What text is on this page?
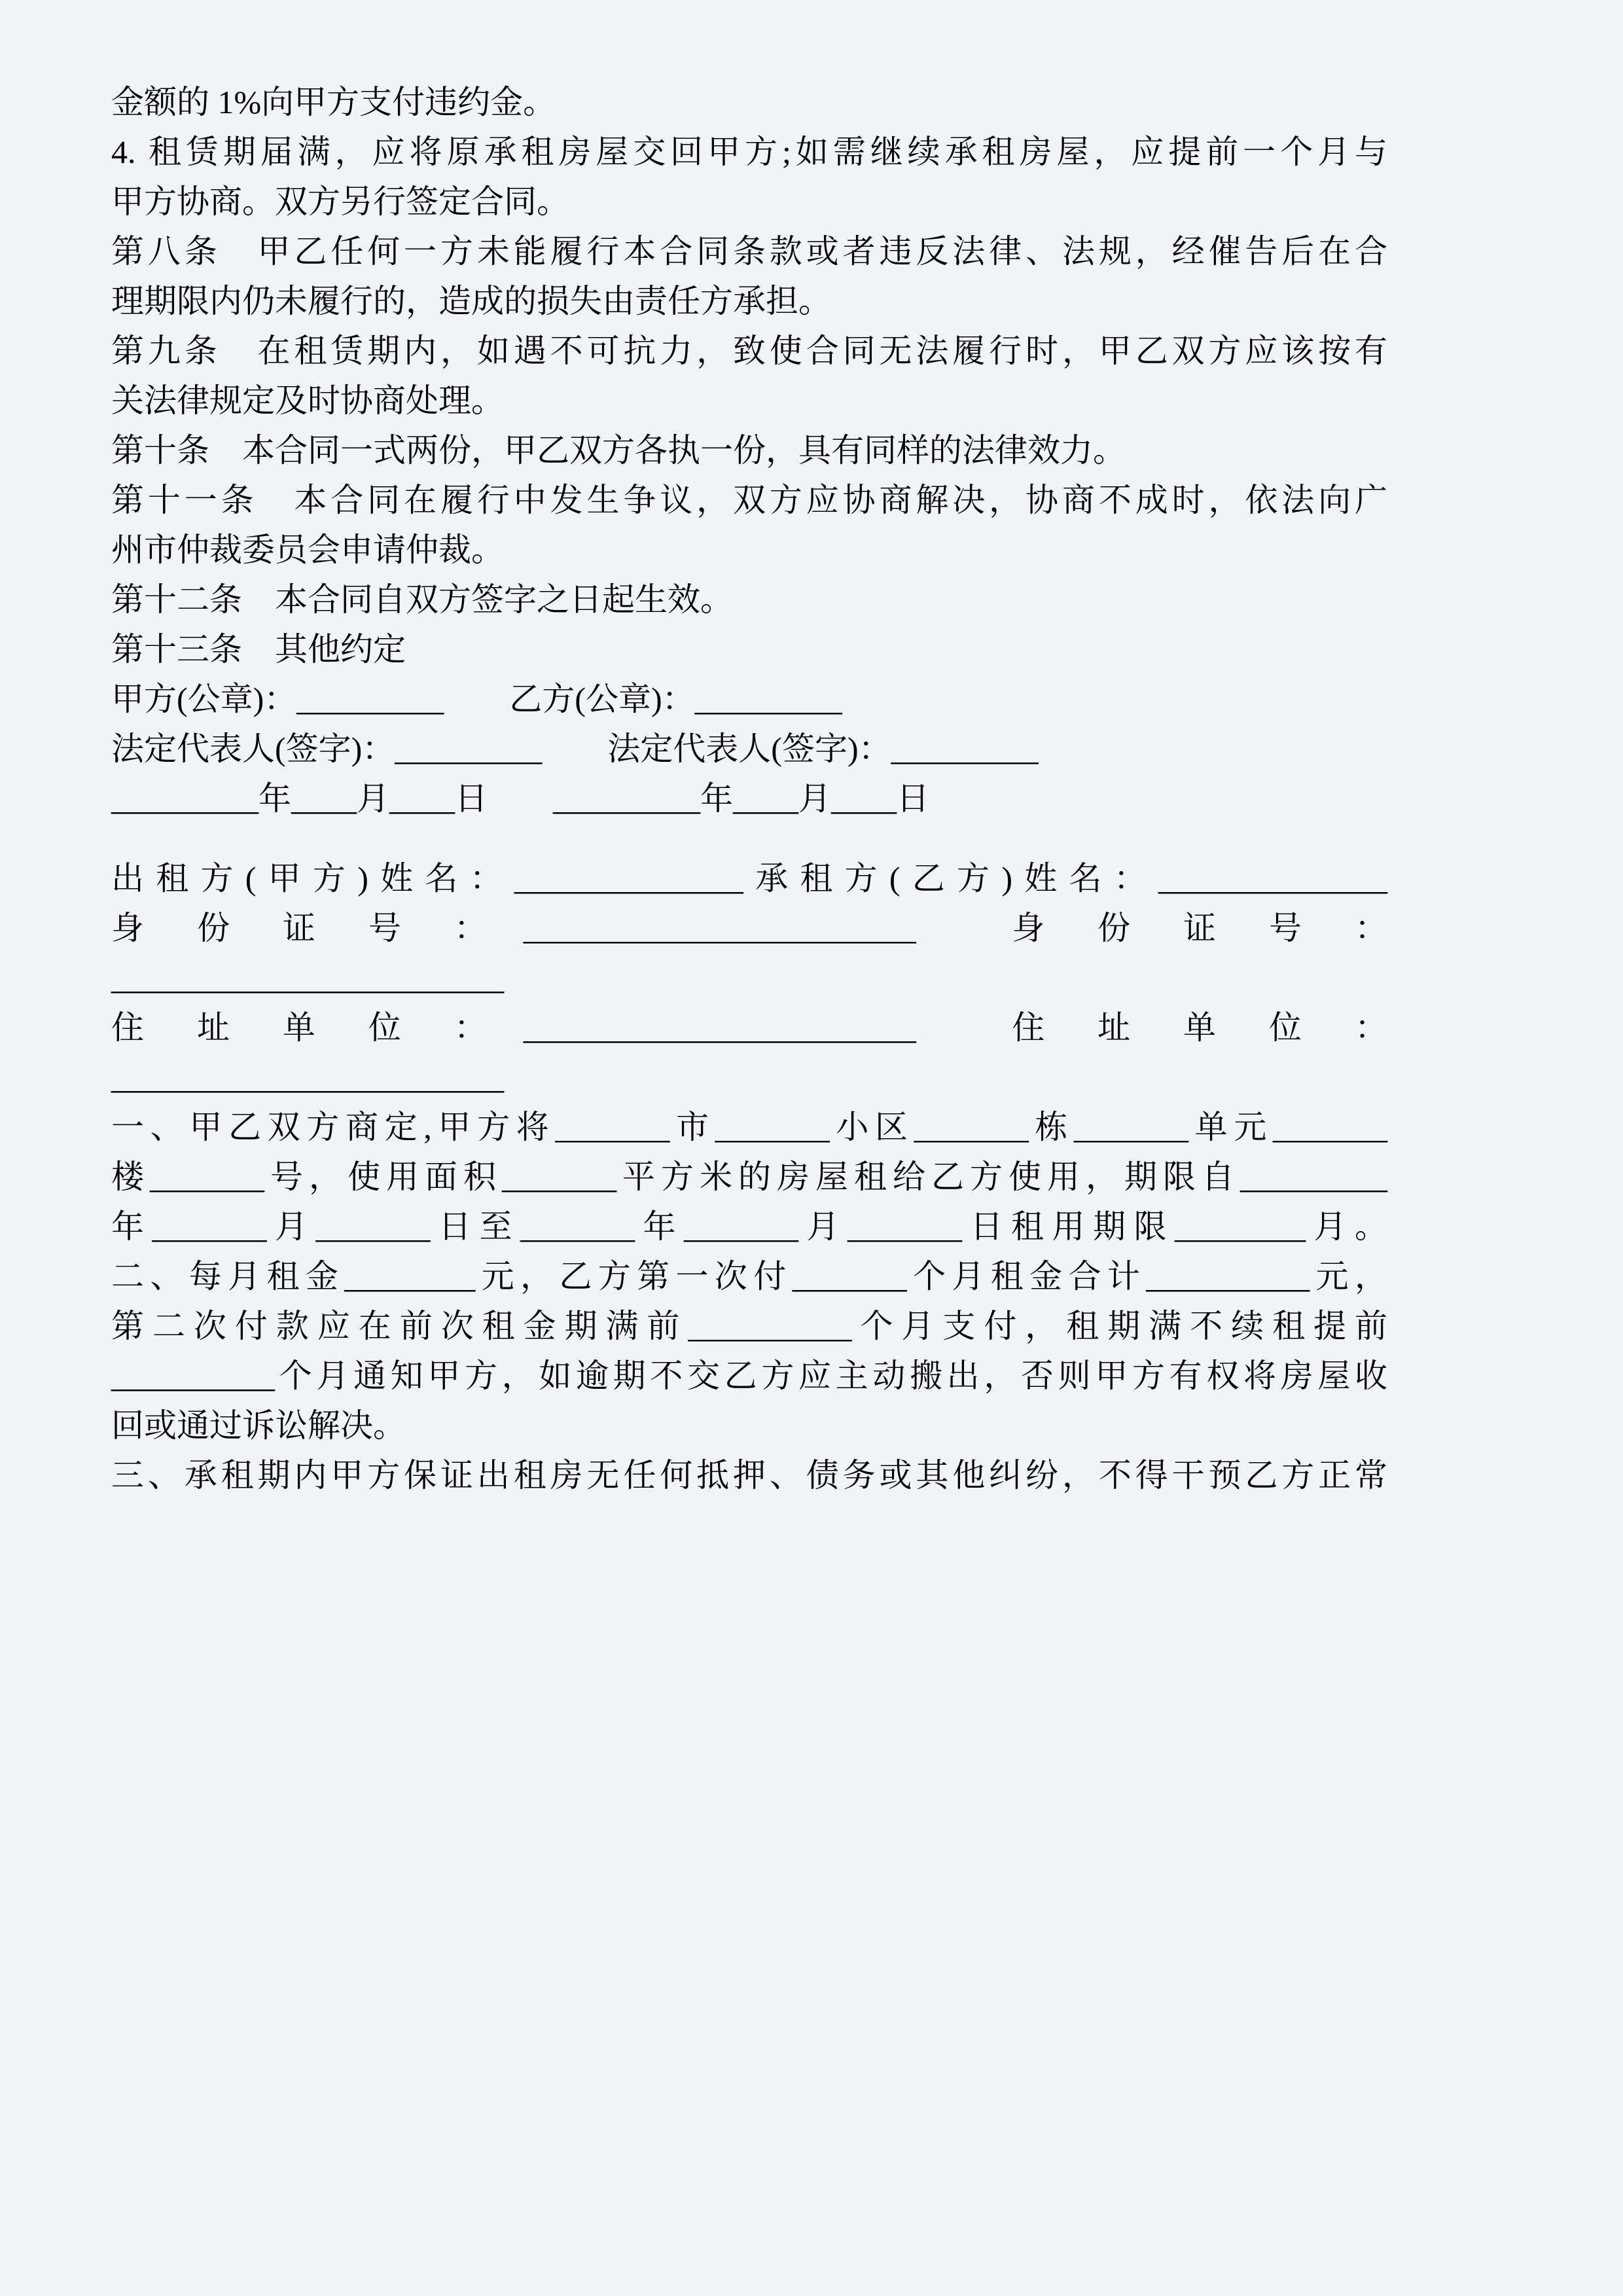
金额的 1%向甲方支付违约金。
4. 租赁期届满，应将原承租房屋交回甲方;如需继续承租房屋，应提前一个月与
甲方协商。双方另行签定合同。
第八条　甲乙任何一方未能履行本合同条款或者违反法律、法规，经催告后在合
理期限内仍未履行的，造成的损失由责任方承担。
第九条　在租赁期内，如遇不可抗力，致使合同无法履行时，甲乙双方应该按有
关法律规定及时协商处理。
第十条　本合同一式两份，甲乙双方各执一份，具有同样的法律效力。
第十一条　本合同在履行中发生争议，双方应协商解决，协商不成时，依法向广
州市仲裁委员会申请仲裁。
第十二条　本合同自双方签字之日起生效。
第十三条　其他约定
甲方(公章)：_________　　乙方(公章)：_________
法定代表人(签字)：_________　　法定代表人(签字)：_________
_________年____月____日　　_________年____月____日
出租方(甲方)姓名：______________承租方(乙方)姓名：______________
身　份　证　号　：　________________________　　身　份　证　号　：
________________________
住　址　单　位　：　________________________　　住　址　单　位　：
________________________
一、甲乙双方商定,甲方将_______市_______小区_______栋_______单元_______
楼_______号，使用面积_______平方米的房屋租给乙方使用，期限自_________
年_______月_______日至_______年_______月_______日租用期限________月。
二、每月租金________元，乙方第一次付_______个月租金合计__________元，
第二次付款应在前次租金期满前__________个月支付，租期满不续租提前
__________个月通知甲方，如逾期不交乙方应主动搬出，否则甲方有权将房屋收
回或通过诉讼解决。
三、承租期内甲方保证出租房无任何抵押、债务或其他纠纷，不得干预乙方正常
